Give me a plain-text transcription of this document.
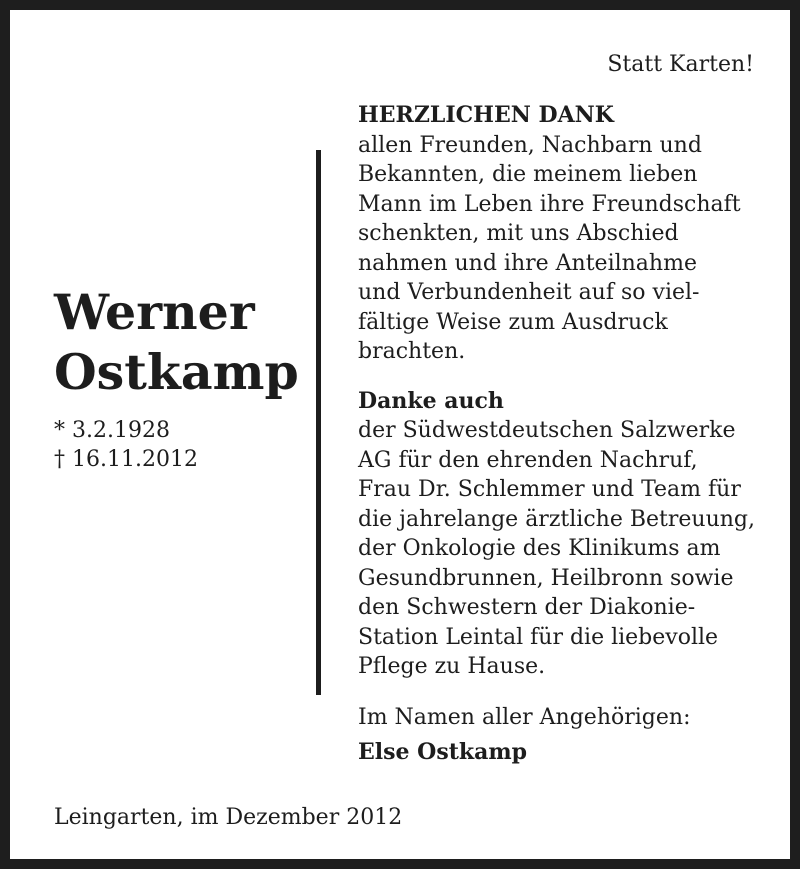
Statt Karten!
Werner
Ostkamp
* 3.2.1928
† 16.11.2012
HERZLICHEN DANK
allen Freunden, Nachbarn und
Bekannten, die meinem lieben
Mann im Leben ihre Freundschaft
schenkten, mit uns Abschied
nahmen und ihre Anteilnahme
und Verbundenheit auf so viel-
fältige Weise zum Ausdruck
brachten.
Danke auch
der Südwestdeutschen Salzwerke
AG für den ehrenden Nachruf,
Frau Dr. Schlemmer und Team für
die jahrelange ärztliche Betreuung,
der Onkologie des Klinikums am
Gesundbrunnen, Heilbronn sowie
den Schwestern der Diakonie-
Station Leintal für die liebevolle
Pflege zu Hause.
Im Namen aller Angehörigen:
Else Ostkamp
Leingarten, im Dezember 2012
